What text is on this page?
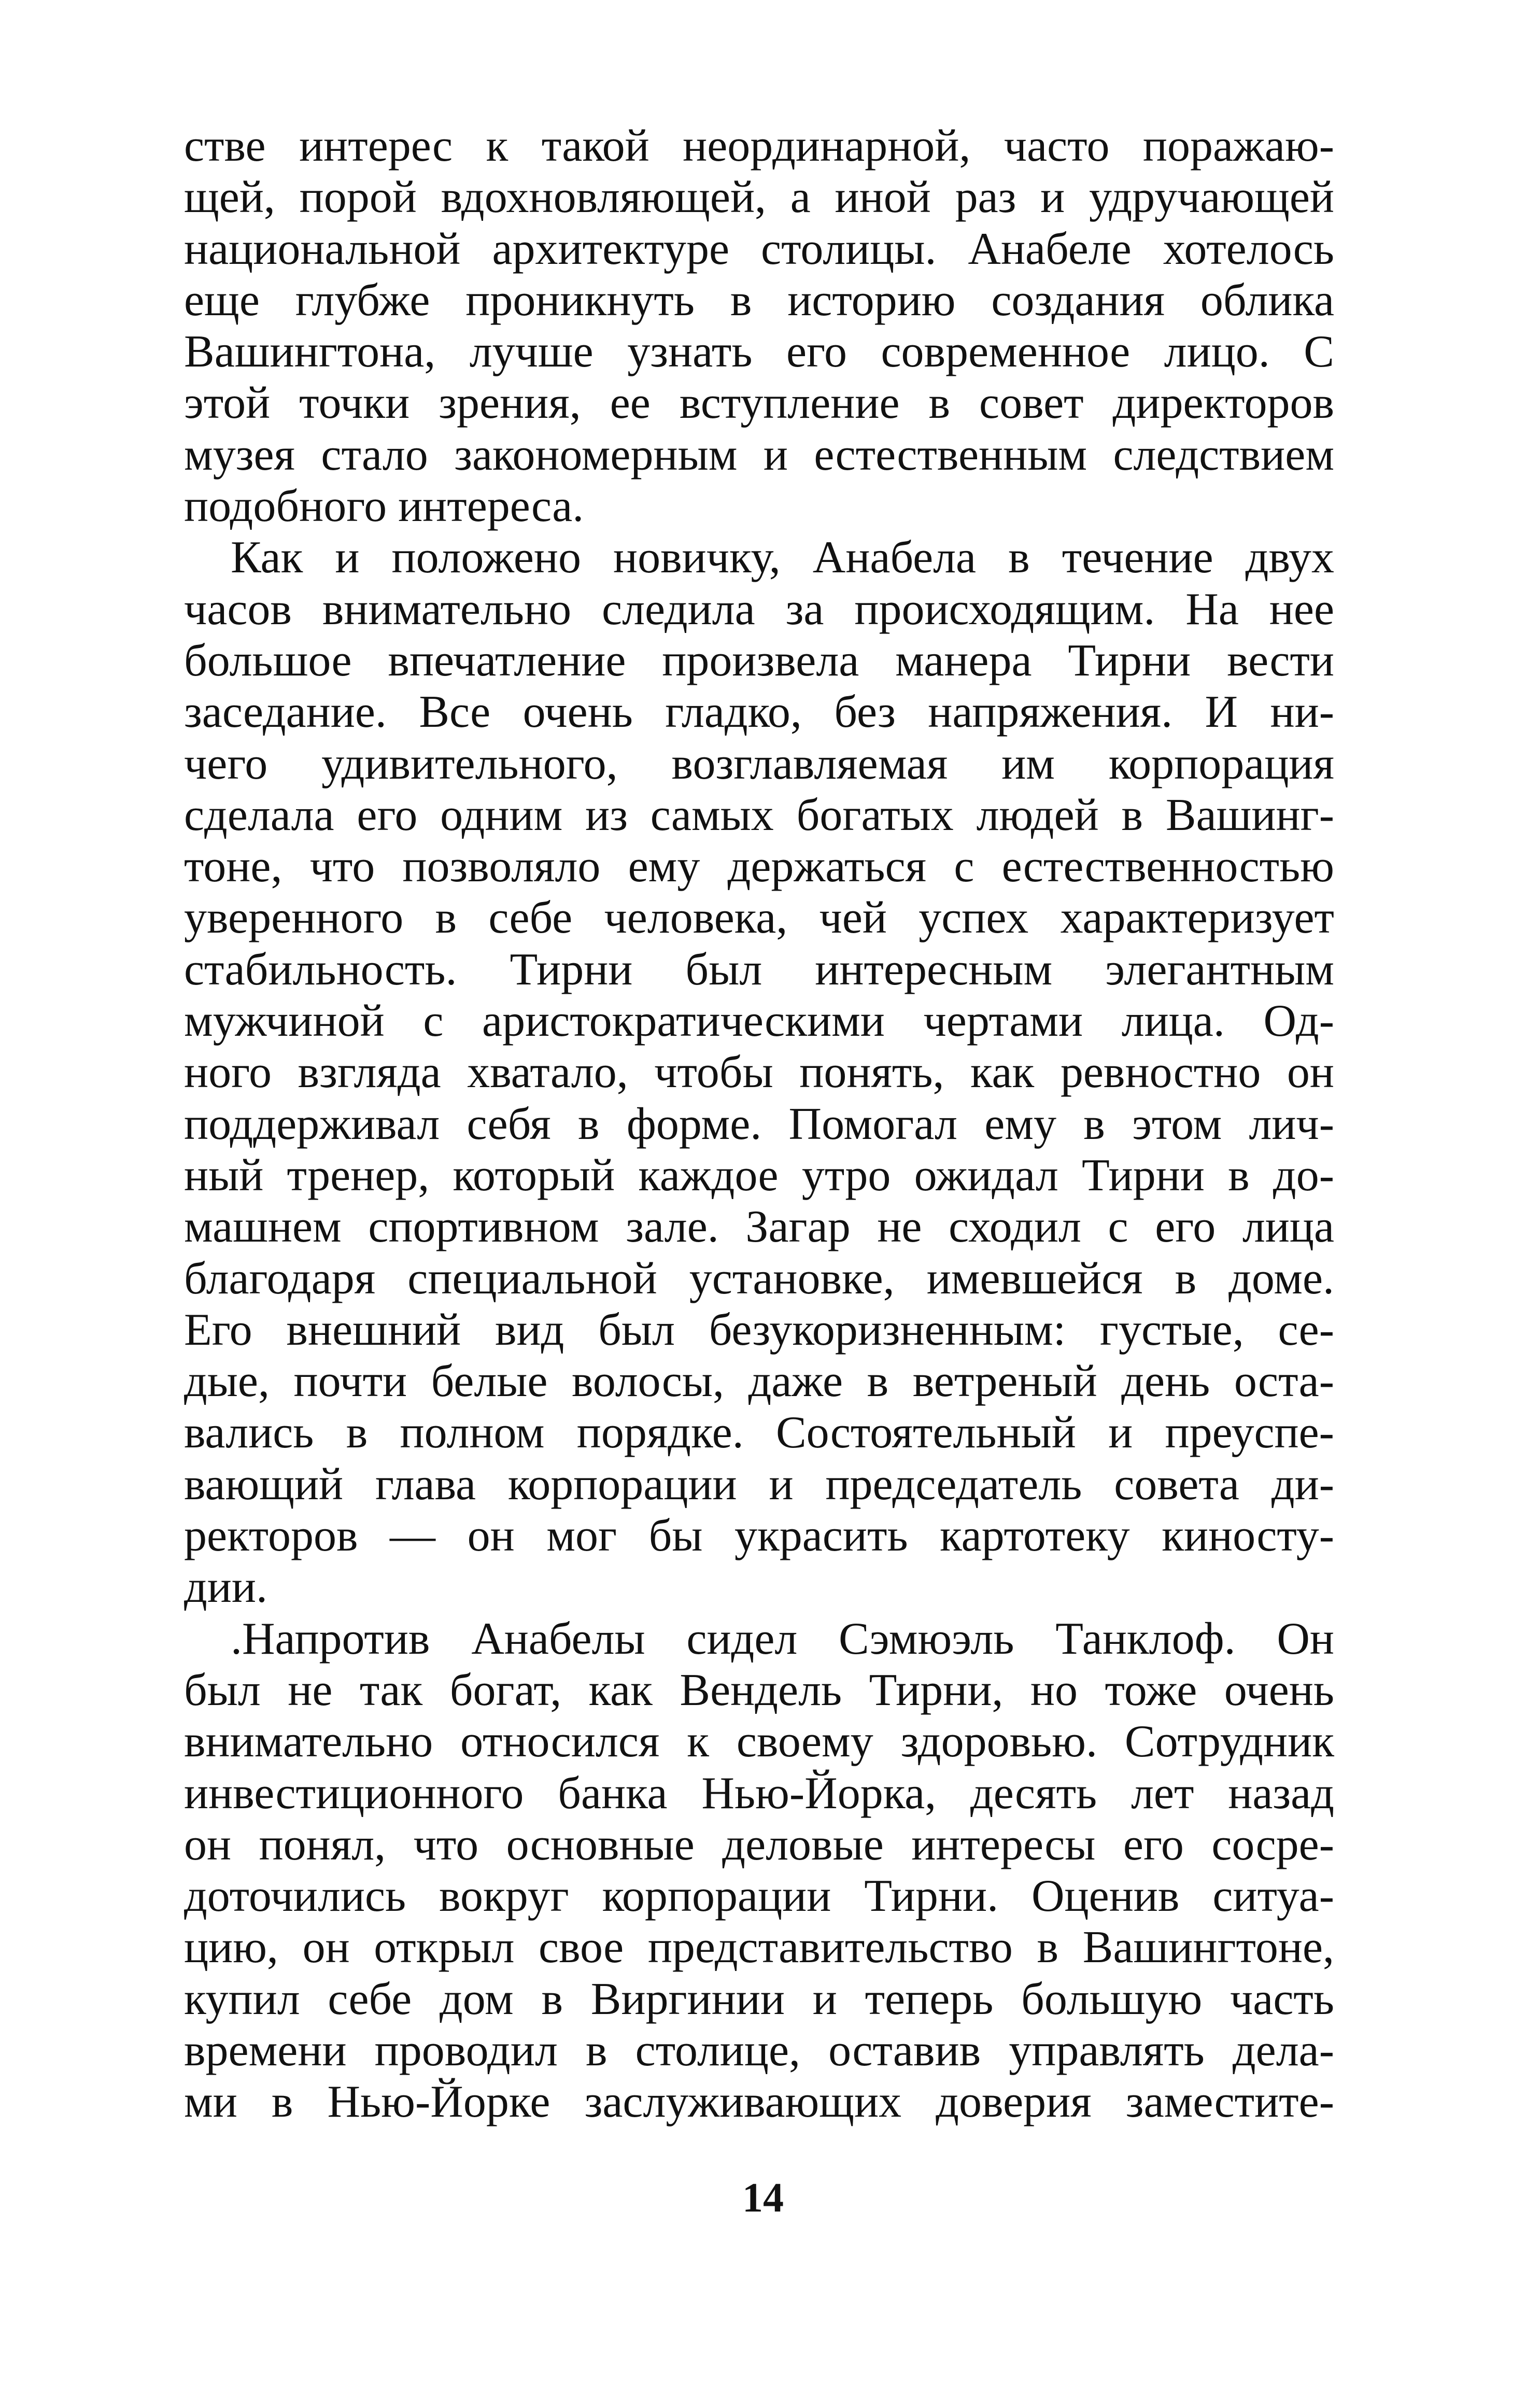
стве интерес к такой неординарной, часто поражаю-
щей, порой вдохновляющей, а иной раз и удручающей
национальной архитектуре столицы. Анабеле хотелось
еще глубже проникнуть в историю создания облика
Вашингтона, лучше узнать его современное лицо. С
этой точки зрения, ее вступление в совет директоров
музея стало закономерным и естественным следствием
подобного интереса.
Как и положено новичку, Анабела в течение двух
часов внимательно следила за происходящим. На нее
большое впечатление произвела манера Тирни вести
заседание. Все очень гладко, без напряжения. И ни-
чего удивительного, возглавляемая им корпорация
сделала его одним из самых богатых людей в Вашинг-
тоне, что позволяло ему держаться с естественностью
уверенного в себе человека, чей успех характеризует
стабильность. Тирни был интересным элегантным
мужчиной с аристократическими чертами лица. Од-
ного взгляда хватало, чтобы понять, как ревностно он
поддерживал себя в форме. Помогал ему в этом лич-
ный тренер, который каждое утро ожидал Тирни в до-
машнем спортивном зале. Загар не сходил с его лица
благодаря специальной установке, имевшейся в доме.
Его внешний вид был безукоризненным: густые, се-
дые, почти белые волосы, даже в ветреный день оста-
вались в полном порядке. Состоятельный и преуспе-
вающий глава корпорации и председатель совета ди-
ректоров — он мог бы украсить картотеку киносту-
дии.
.Напротив Анабелы сидел Сэмюэль Танклоф. Он
был не так богат, как Вендель Тирни, но тоже очень
внимательно относился к своему здоровью. Сотрудник
инвестиционного банка Нью-Йорка, десять лет назад
он понял, что основные деловые интересы его сосре-
доточились вокруг корпорации Тирни. Оценив ситуа-
цию, он открыл свое представительство в Вашингтоне,
купил себе дом в Виргинии и теперь большую часть
времени проводил в столице, оставив управлять дела-
ми в Нью-Йорке заслуживающих доверия заместите-
14
